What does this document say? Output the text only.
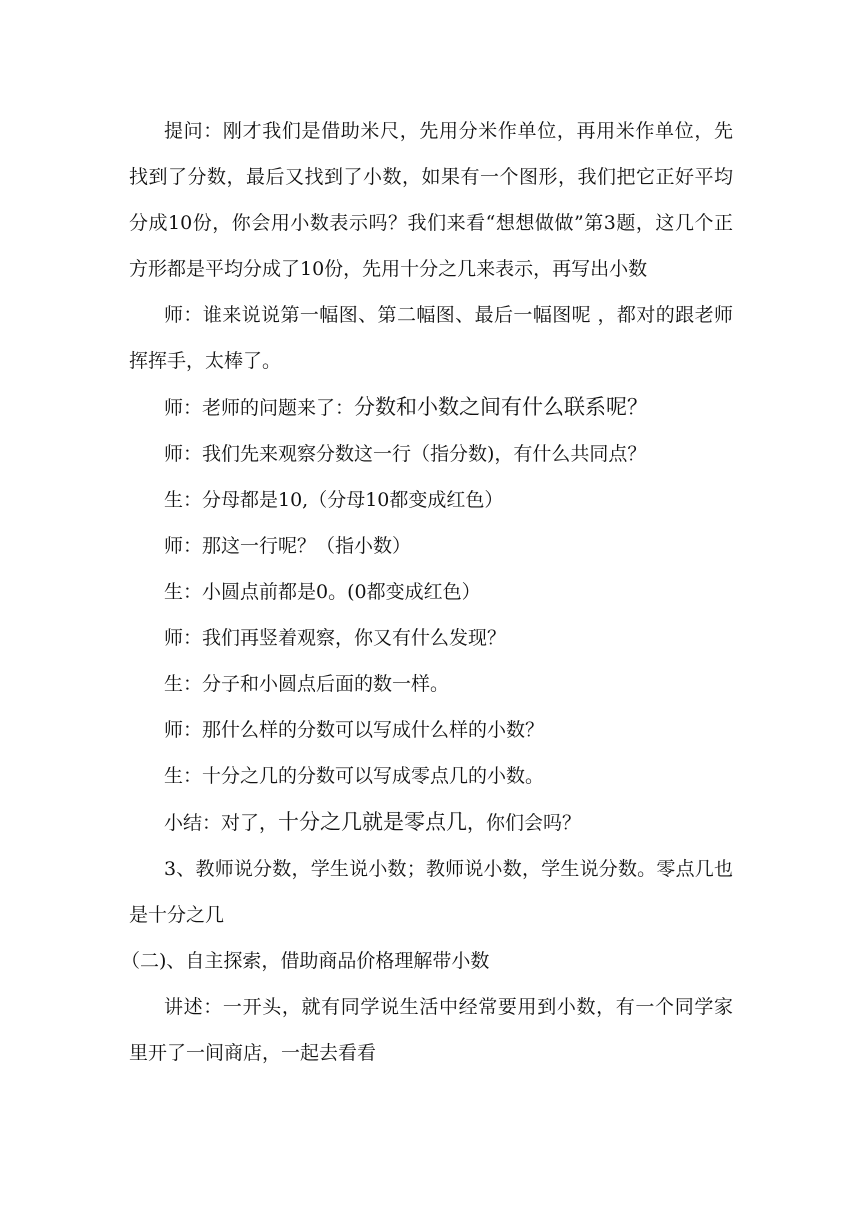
提问：刚才我们是借助米尺，先用分米作单位，再用米作单位，先找到了分数，最后又找到了小数，如果有一个图形，我们把它正好平均分成10份，你会用小数表示吗？我们来看“想想做做”第3题，这几个正方形都是平均分成了10份，先用十分之几来表示，再写出小数

师：谁来说说第一幅图、第二幅图、最后一幅图呢 ，都对的跟老师挥挥手，太棒了。

师：老师的问题来了：分数和小数之间有什么联系呢？

师：我们先来观察分数这一行（指分数)，有什么共同点？

生：分母都是10,（分母10都变成红色）

师：那这一行呢？（指小数）

生：小圆点前都是0。(0都变成红色）

师：我们再竖着观察，你又有什么发现？

生：分子和小圆点后面的数一样。

师：那什么样的分数可以写成什么样的小数？

生：十分之几的分数可以写成零点几的小数。

小结：对了，十分之几就是零点几，你们会吗？

3、教师说分数，学生说小数；教师说小数，学生说分数。零点几也是十分之几

（二)、自主探索，借助商品价格理解带小数

讲述：一开头，就有同学说生活中经常要用到小数，有一个同学家里开了一间商店，一起去看看
